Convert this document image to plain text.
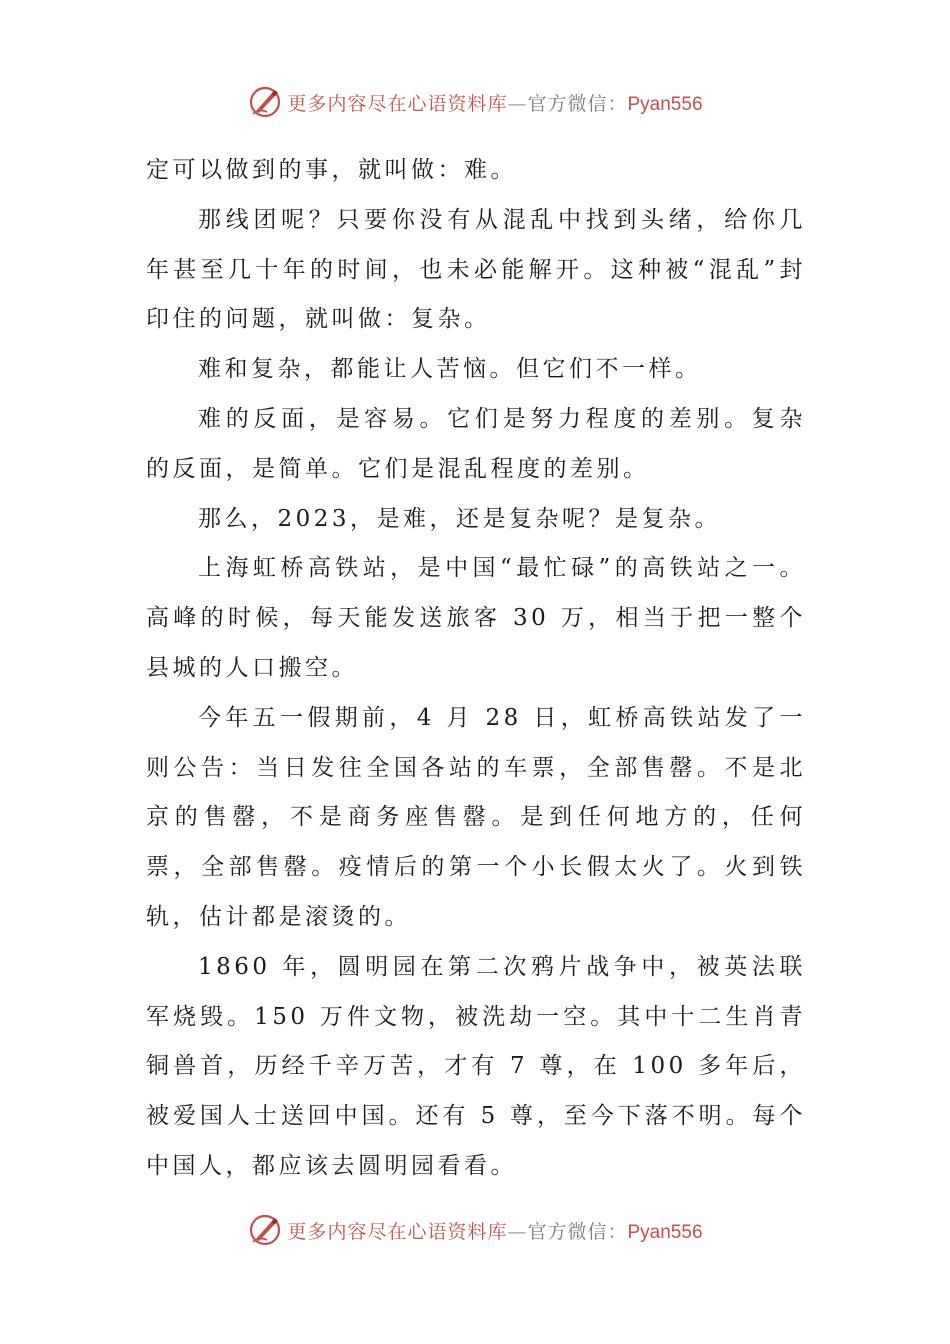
更多内容尽在心语资料库—官方微信：Pyan556

定可以做到的事，就叫做：难。

那线团呢？只要你没有从混乱中找到头绪，给你几年甚至几十年的时间，也未必能解开。这种被“混乱”封印住的问题，就叫做：复杂。

难和复杂，都能让人苦恼。但它们不一样。

难的反面，是容易。它们是努力程度的差别。复杂的反面，是简单。它们是混乱程度的差别。

那么，2023，是难，还是复杂呢？是复杂。

上海虹桥高铁站，是中国“最忙碌”的高铁站之一。高峰的时候，每天能发送旅客 30 万，相当于把一整个县城的人口搬空。

今年五一假期前，4 月 28 日，虹桥高铁站发了一则公告：当日发往全国各站的车票，全部售罄。不是北京的售罄，不是商务座售罄。是到任何地方的，任何票，全部售罄。疫情后的第一个小长假太火了。火到铁轨，估计都是滚烫的。

1860 年，圆明园在第二次鸦片战争中，被英法联军烧毁。150 万件文物，被洗劫一空。其中十二生肖青铜兽首，历经千辛万苦，才有 7 尊，在 100 多年后，被爱国人士送回中国。还有 5 尊，至今下落不明。每个中国人，都应该去圆明园看看。

更多内容尽在心语资料库—官方微信：Pyan556
